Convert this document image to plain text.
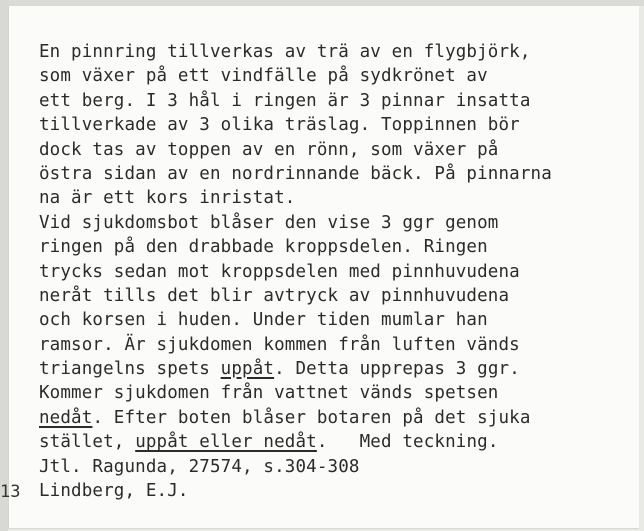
En pinnring tillverkas av trä av en flygbjörk,
som växer på ett vindfälle på sydkrönet av
ett berg. I 3 hål i ringen är 3 pinnar insatta
tillverkade av 3 olika träslag. Toppinnen bör
dock tas av toppen av en rönn, som växer på
östra sidan av en nordrinnande bäck. På pinnarna
na är ett kors inristat.
Vid sjukdomsbot blåser den vise 3 ggr genom
ringen på den drabbade kroppsdelen. Ringen
trycks sedan mot kroppsdelen med pinnhuvudena
neråt tills det blir avtryck av pinnhuvudena
och korsen i huden. Under tiden mumlar han
ramsor. Är sjukdomen kommen från luften vänds
triangelns spets uppåt. Detta upprepas 3 ggr.
Kommer sjukdomen från vattnet vänds spetsen
nedåt. Efter boten blåser botaren på det sjuka
stället, uppåt eller nedåt.   Med teckning.
Jtl. Ragunda, 27574, s.304-308
Lindberg, E.J.
13
